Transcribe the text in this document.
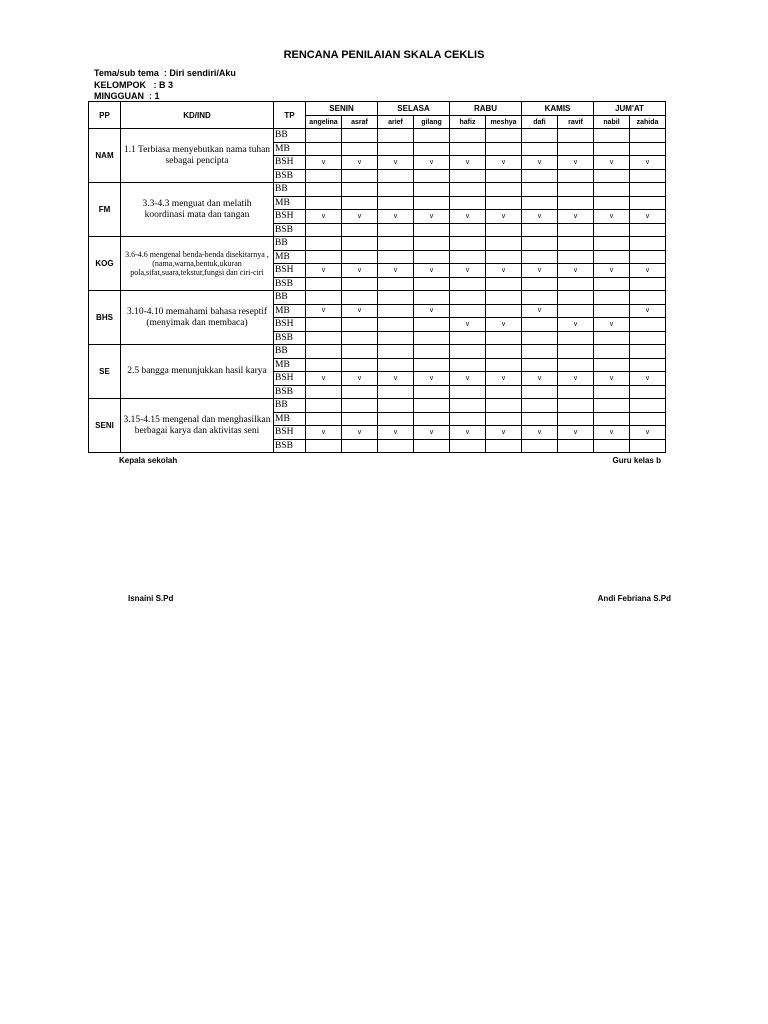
RENCANA PENILAIAN SKALA CEKLIS
Tema/sub tema  : Diri sendiri/Aku
KELOMPOK   : B 3
MINGGUAN  : 1
PP	KD/IND	TP	SENIN		SELASA		RABU		KAMIS		JUM'AT	
			angelina	asraf	arief	gilang	hafiz	meshya	dafi	ravif	nabil	zahida
NAM	1.1 Terbiasa menyebutkan nama tuhan sebagai pencipta	BB										
		MB										
		BSH	v	v	v	v	v	v	v	v	v	v
		BSB										
FM	3.3-4.3 menguat dan melatih koordinasi mata dan tangan	BB										
		MB										
		BSH	v	v	v	v	v	v	v	v	v	v
		BSB										
KOG	3.6-4.6 mengenal benda-benda disekitarnya , (nama,warna,bentuk,ukuran pola,sifat,suara,tekstur,fungsi dan ciri-ciri	BB										
		MB										
		BSH	v	v	v	v	v	v	v	v	v	v
		BSB										
BHS	3.10-4.10 memahami bahasa reseptif (menyimak dan membaca)	BB										
		MB	v	v		v			v			v
		BSH					v	v		v	v	
		BSB										
SE	2.5 bangga menunjukkan hasil karya	BB										
		MB										
		BSH	v	v	v	v	v	v	v	v	v	v
		BSB										
SENI	3.15-4.15 mengenal dan menghasilkan berbagai karya dan aktivitas seni	BB										
		MB										
		BSH	v	v	v	v	v	v	v	v	v	v
		BSB										
Kepala sekolah	Guru kelas b
Isnaini S.Pd	Andi Febriana S.Pd
